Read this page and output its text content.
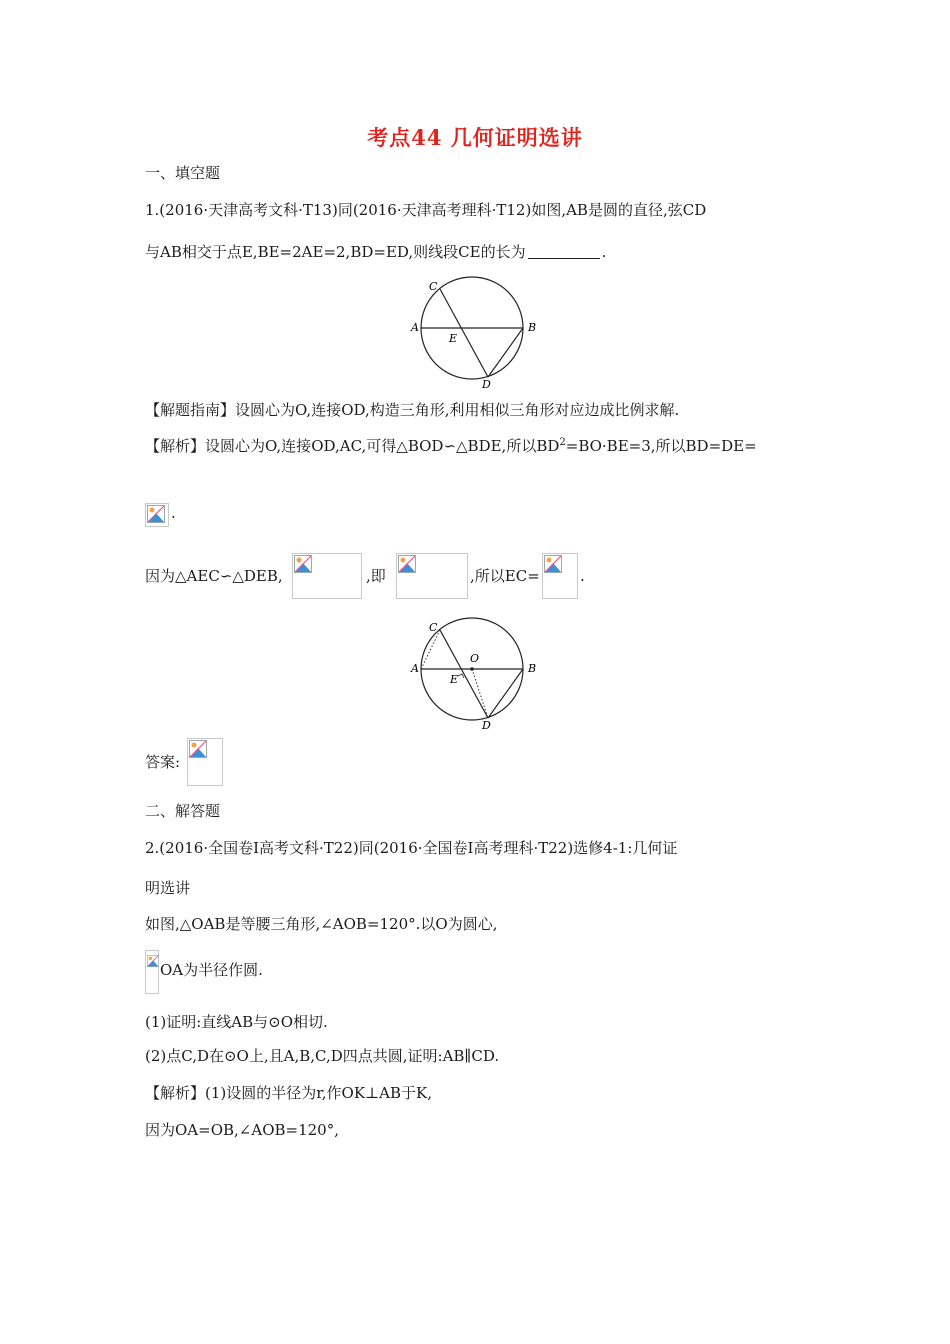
考点44 几何证明选讲
一、填空题
1.(2016·天津高考文科·T13)同(2016·天津高考理科·T12)如图,AB是圆的直径,弦CD
与AB相交于点E,BE=2AE=2,BD=ED,则线段CE的长为	.
C
A	B
E
D
【解题指南】设圆心为O,连接OD,构造三角形,利用相似三角形对应边成比例求解.
【解析】设圆心为O,连接OD,AC,可得△BOD∽△BDE,所以$BD^2=BO\cdot BE=3$,所以BD=DE=
.
因为△AEC∽△DEB,	,即	,所以EC=	.
C
O
A	B
E
D
答案:
二、解答题
2.(2016·全国卷Ⅰ高考文科·T22)同(2016·全国卷Ⅰ高考理科·T22)选修4-1:几何证
明选讲
如图,△OAB是等腰三角形,∠AOB=120°.以O为圆心,
OA为半径作圆.
(1)证明:直线AB与⊙O相切.
(2)点C,D在⊙O上,且A,B,C,D四点共圆,证明:AB∥CD.
【解析】(1)设圆的半径为r,作OK⊥AB于K,
因为OA=OB,∠AOB=120°,
